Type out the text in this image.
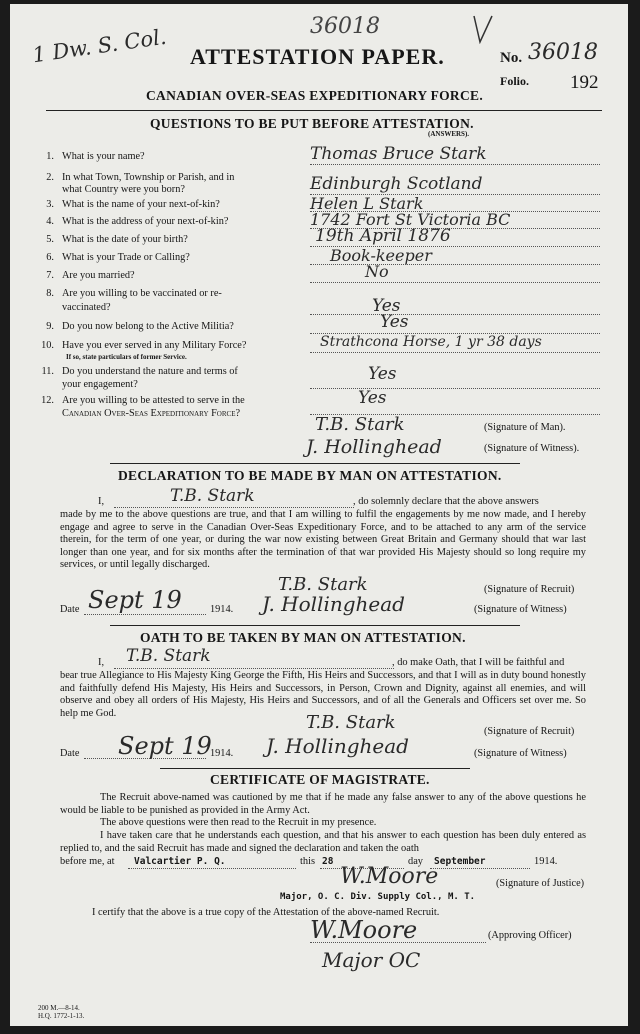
1 Dw. S. Col.	36018
ATTESTATION PAPER.	No. 36018
Folio. 192
CANADIAN OVER-SEAS EXPEDITIONARY FORCE.
QUESTIONS TO BE PUT BEFORE ATTESTATION.
(ANSWERS).
1. What is your name?	Thomas Bruce Stark
2. In what Town, Township or Parish, and in
what Country were you born?	Edinburgh Scotland
3. What is the name of your next-of-kin?	Helen L Stark
4. What is the address of your next-of-kin?	1742 Fort St Victoria BC
5. What is the date of your birth?	19th April 1876
6. What is your Trade or Calling?	Book-keeper
7. Are you married?	No
8. Are you willing to be vaccinated or re-
vaccinated?	Yes
9. Do you now belong to the Active Militia?	Yes
10. Have you ever served in any Military Force?
If so, state particulars of former Service.
Strathcona Horse, 1 yr 38 days
11. Do you understand the nature and terms of
your engagement?
Yes
12. Are you willing to be attested to serve in the
Canadian Over-Seas Expeditionary Force?
Yes
T.B. Stark	(Signature of Man).
J. Hollinghead	(Signature of Witness).
DECLARATION TO BE MADE BY MAN ON ATTESTATION.
I,	T.B. Stark	, do solemnly declare that the above answers
made by me to the above questions are true, and that I am willing to fulfil the engagements by me now made, and I hereby engage and agree to serve in the Canadian Over-Seas Expeditionary Force, and to be attached to any arm of the service therein, for the term of one year, or during the war now existing between Great Britain and Germany should that war last longer than one year, and for six months after the termination of that war provided His Majesty should so long require my services, or until legally discharged.
T.B. Stark	(Signature of Recruit)
Date Sept 19	1914. J. Hollinghead	(Signature of Witness)
OATH TO BE TAKEN BY MAN ON ATTESTATION.
I, T.B. Stark	, do make Oath, that I will be faithful and
bear true Allegiance to His Majesty King George the Fifth, His Heirs and Successors, and that I will as in duty bound honestly and faithfully defend His Majesty, His Heirs and Successors, in Person, Crown and Dignity, against all enemies, and will observe and obey all orders of His Majesty, His Heirs and Successors, and of all the Generals and Officers set over me. So help me God.	T.B. Stark	(Signature of Recruit)
Date Sept 19
1914. J. Hollinghead	(Signature of Witness)
CERTIFICATE OF MAGISTRATE.
The Recruit above-named was cautioned by me that if he made any false answer to any of the above questions he would be liable to be punished as provided in the Army Act.
The above questions were then read to the Recruit in my presence.
I have taken care that he understands each question, and that his answer to each question has been duly entered as replied to, and the said Recruit has made and signed the declaration and taken the oath
before me, at Valcartier P. Q.	this 28	day September	1914.
W.Moore	(Signature of Justice)
Major, O. C. Div. Supply Col., M. T.
I certify that the above is a true copy of the Attestation of the above-named Recruit.
W.Moore	(Approving Officer)
Major OC
200 M.—8-14.
H.Q. 1772-1-13.
